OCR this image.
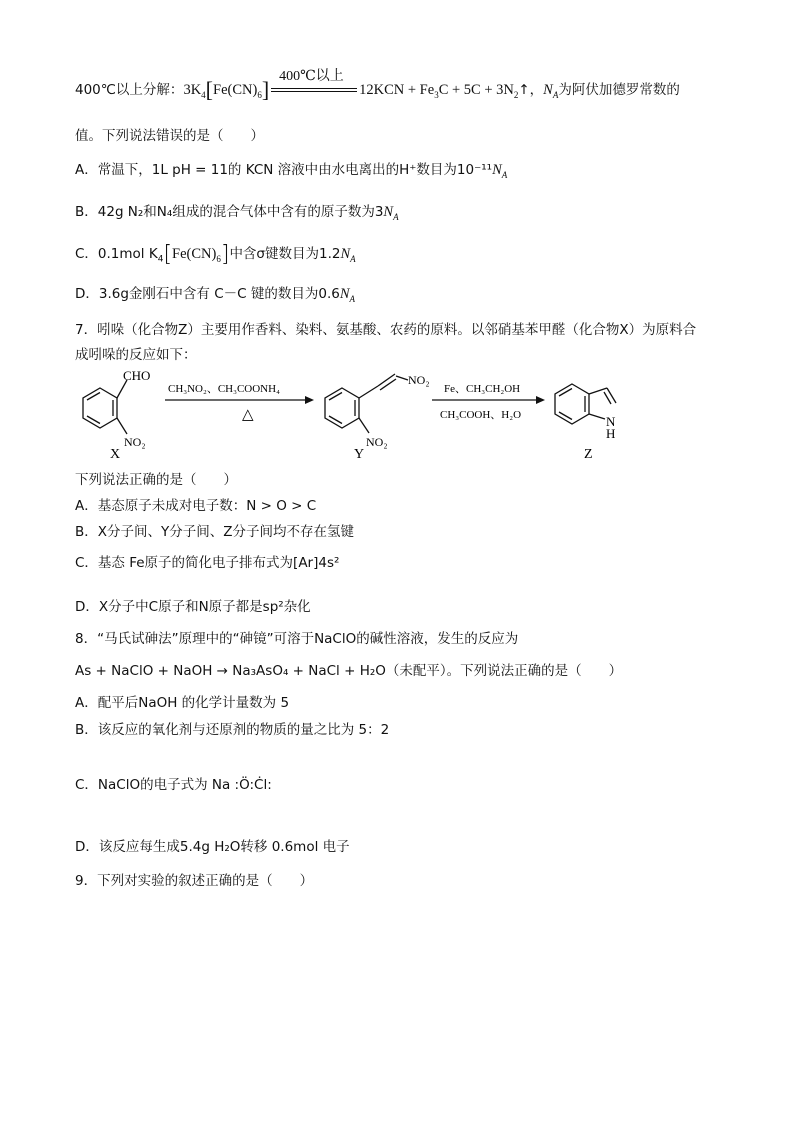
400℃以上分解：$3K_4[Fe(CN)_6]$
400℃以上
$12KCN + Fe_3C + 5C$ + $3N_2↑$，$N_A$为阿伏加德罗常数的
值。下列说法错误的是（　　）
A．常温下，1L pH = 11的 KCN 溶液中由水电离出的H⁺数目为$10^{-11}N_A$
B．42g N₂和N₄组成的混合气体中含有的原子数为$3N_A$
C．0.1mol $K_4[Fe(CN)_6]$中含σ键数目为$1.2N_A$
D．3.6g金刚石中含有 C－C 键的数目为$0.6N_A$
7．吲哚（化合物Z）主要用作香料、染料、氨基酸、农药的原料。以邻硝基苯甲醛（化合物X）为原料合
成吲哚的反应如下：
CHO
NO₂
X
CH₃NO₂、CH₃COONH₄
△
NO₂
NO₂
Y
Fe、CH₃CH₂OH
CH₃COOH、H₂O	N
H
Z
下列说法正确的是（　　）
A．基态原子未成对电子数：N > O > C
B．X分子间、Y分子间、Z分子间均不存在氢键
C．基态 Fe原子的简化电子排布式为[Ar]4s²
D．X分子中C原子和N原子都是sp²杂化
8．“马氏试砷法”原理中的“砷镜”可溶于NaClO的碱性溶液，发生的反应为
As + NaClO + NaOH → Na₃AsO₄ + NaCl + H₂O（未配平）。下列说法正确的是（　　）
A．配平后NaOH 的化学计量数为 5
B．该反应的氧化剂与还原剂的物质的量之比为 5：2
C．NaClO的电子式为 Na :Ö:Ċl:
D．该反应每生成5.4g H₂O转移 0.6mol 电子
9．下列对实验的叙述正确的是（　　）
